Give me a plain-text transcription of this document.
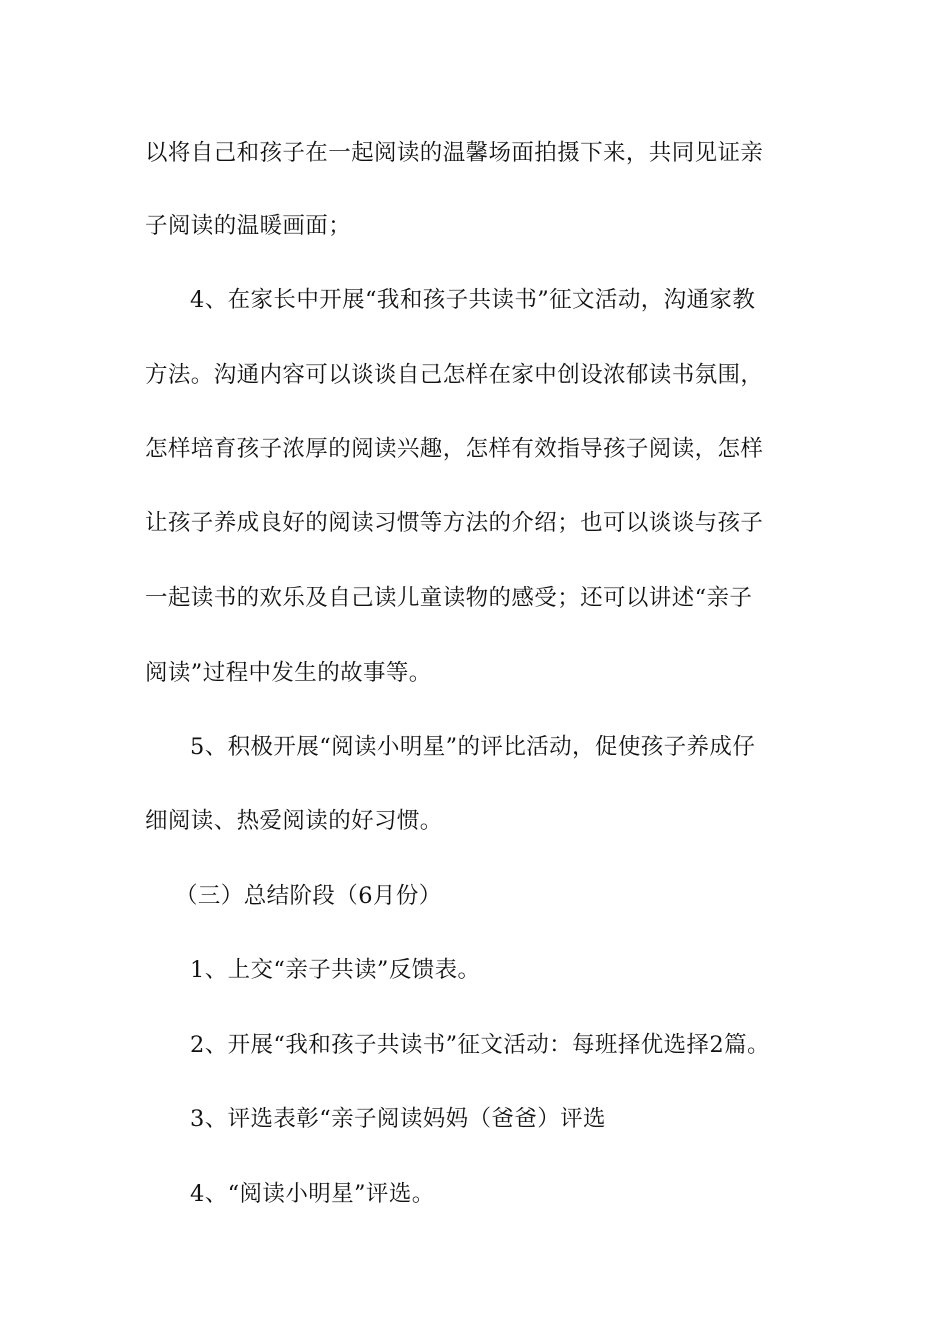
以将自己和孩子在一起阅读的温馨场面拍摄下来，共同见证亲
子阅读的温暖画面；
4、在家长中开展“我和孩子共读书”征文活动，沟通家教
方法。沟通内容可以谈谈自己怎样在家中创设浓郁读书氛围，
怎样培育孩子浓厚的阅读兴趣，怎样有效指导孩子阅读，怎样
让孩子养成良好的阅读习惯等方法的介绍；也可以谈谈与孩子
一起读书的欢乐及自己读儿童读物的感受；还可以讲述“亲子
阅读”过程中发生的故事等。
5、积极开展“阅读小明星”的评比活动，促使孩子养成仔
细阅读、热爱阅读的好习惯。
（三）总结阶段（6月份）
1、上交“亲子共读”反馈表。
2、开展“我和孩子共读书”征文活动：每班择优选择2篇。
3、评选表彰“亲子阅读妈妈（爸爸）评选
4、“阅读小明星”评选。
